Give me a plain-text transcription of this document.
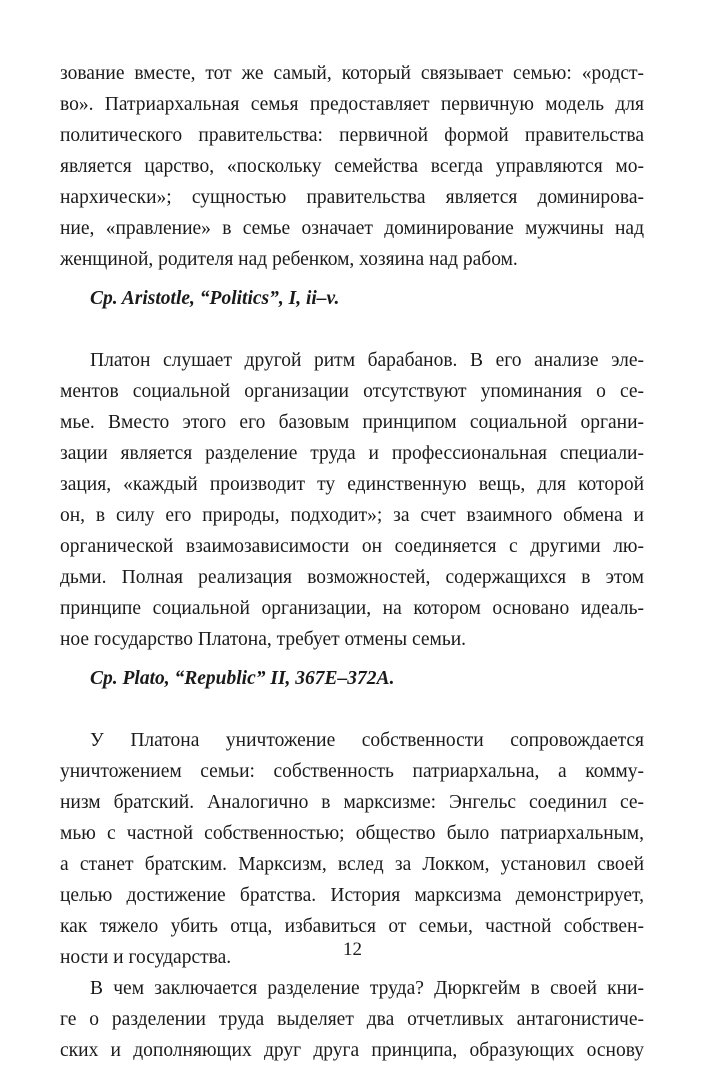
зование вместе, тот же самый, который связывает семью: «родст-
во». Патриархальная семья предоставляет первичную модель для
политического правительства: первичной формой правительства
является царство, «поскольку семейства всегда управляются мо-
нархически»; сущностью правительства является доминирова-
ние, «правление» в семье означает доминирование мужчины над
женщиной, родителя над ребенком, хозяина над рабом.
Cp. Aristotle, “Politics”, I, ii–v.
Платон слушает другой ритм барабанов. В его анализе эле-
ментов социальной организации отсутствуют упоминания о се-
мье. Вместо этого его базовым принципом социальной органи-
зации является разделение труда и профессиональная специали-
зация, «каждый производит ту единственную вещь, для которой
он, в силу его природы, подходит»; за счет взаимного обмена и
органической взаимозависимости он соединяется с другими лю-
дьми. Полная реализация возможностей, содержащихся в этом
принципе социальной организации, на котором основано идеаль-
ное государство Платона, требует отмены семьи.
Cp. Plato, “Republic” II, 367E–372A.
У Платона уничтожение собственности сопровождается
уничтожением семьи: собственность патриархальна, а комму-
низм братский. Аналогично в марксизме: Энгельс соединил се-
мью с частной собственностью; общество было патриархальным,
а станет братским. Марксизм, вслед за Локком, установил своей
целью достижение братства. История марксизма демонстрирует,
как тяжело убить отца, избавиться от семьи, частной собствен-
ности и государства.
В чем заключается разделение труда? Дюркгейм в своей кни-
ге о разделении труда выделяет два отчетливых антагонистиче-
ских и дополняющих друг друга принципа, образующих основу
12
